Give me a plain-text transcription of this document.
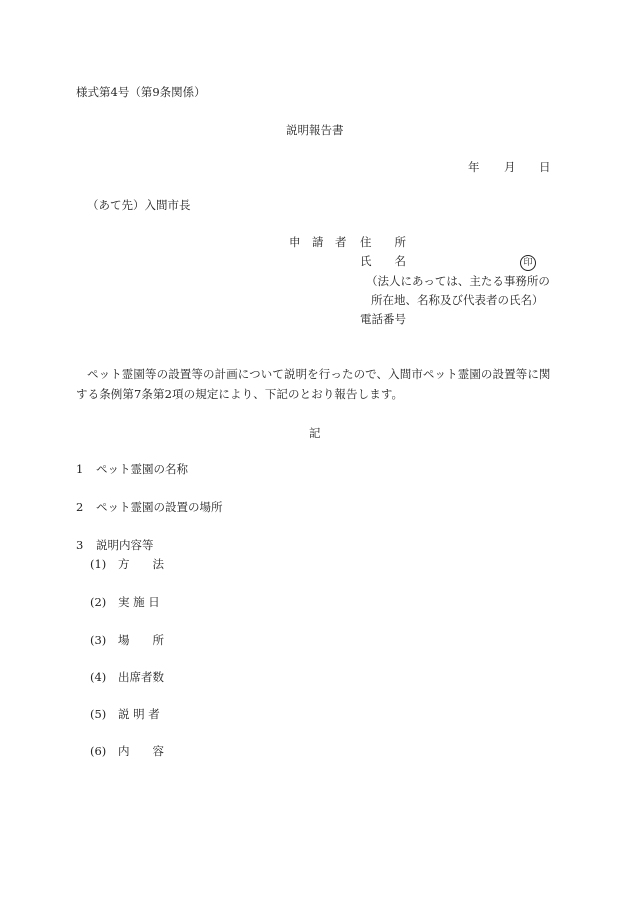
様式第4号（第9条関係）
説明報告書
年 月 日
（あて先）入間市長
申　請　者 住　　所
氏　　名	印
（法人にあっては、主たる事務所の
所在地、名称及び代表者の氏名）
電話番号
ペット霊園等の設置等の計画について説明を行ったので、入間市ペット霊園の設置等に関する条例第7条第2項の規定により、下記のとおり報告します。
記
1 ペット霊園の名称
2 ペット霊園の設置の場所
3 説明内容等
(1) 方　　法
(2) 実 施 日
(3) 場　　所
(4) 出席者数
(5) 説 明 者
(6) 内　　容
